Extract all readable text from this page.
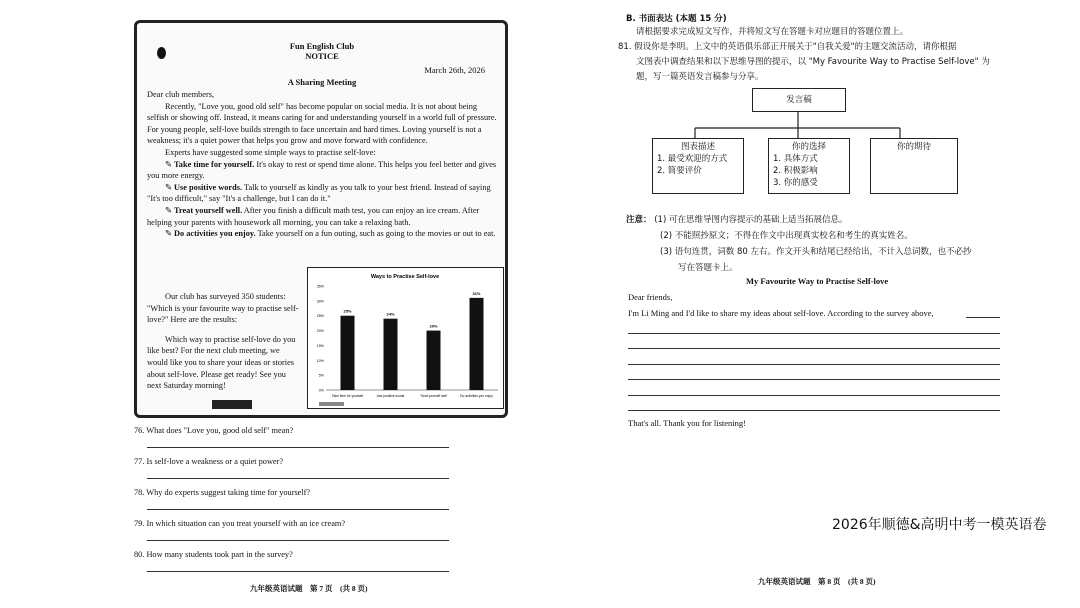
Fun English Club
NOTICE
March 26th, 2026
A Sharing Meeting

Dear club members,

Recently, "Love you, good old self" has become popular on social media. It is not about being selfish or showing off. Instead, it means caring for and understanding yourself in a world full of pressure. For young people, self-love builds strength to face uncertain and hard times. Loving yourself is not a weakness; it's a quiet power that helps you grow and move forward with confidence.

Experts have suggested some simple ways to practise self-love:

✎ Take time for yourself. It's okay to rest or spend time alone. This helps you feel better and gives you more energy.

✎ Use positive words. Talk to yourself as kindly as you talk to your best friend. Instead of saying "It's too difficult," say "It's a challenge, but I can do it."

✎ Treat yourself well. After you finish a difficult math test, you can enjoy an ice cream. After helping your parents with housework all morning, you can take a relaxing bath.

✎ Do activities you enjoy. Take yourself on a fun outing, such as going to the movies or out to eat.

Our club has surveyed 350 students: "Which is your favourite way to practise self-love?" Here are the results:

Which way to practise self-love do you like best? For the next club meeting, we would like you to share your ideas or stories about self-love. Please get ready! See you next Saturday morning!

Ways to Practise Self-love
35%
30%
25%
20%
15%
10%
5%
0%
25%
Take time for yourself
24%
Use positive words
20%
Treat yourself well
31%
Do activities you enjoy
76. What does "Love you, good old self" mean?
77. Is self-love a weakness or a quiet power?
78. Why do experts suggest taking time for yourself?
79. In which situation can you treat yourself with an ice cream?
80. How many students took part in the survey?
九年级英语试题　第 7 页　(共 8 页)
B. 书面表达 (本题 15 分)
请根据要求完成短文写作，并将短文写在答题卡对应题目的答题位置上。
81. 假设你是李明。上文中的英语俱乐部正开展关于"自我关爱"的主题交流活动，请你根据
文图表中调查结果和以下思维导图的提示，以 "My Favourite Way to Practise Self-love" 为
题，写一篇英语发言稿参与分享。
发言稿
图表描述
1. 最受欢迎的方式
2. 简要评价
你的选择
1. 具体方式
2. 积极影响
3. 你的感受
你的期待
注意： (1) 可在思维导图内容提示的基础上适当拓展信息。
(2) 不能照抄原文；不得在作文中出现真实校名和考生的真实姓名。
(3) 语句连贯，词数 80 左右。作文开头和结尾已经给出，不计入总词数，也不必抄
写在答题卡上。
My Favourite Way to Practise Self-love
Dear friends,
I'm Li Ming and I'd like to share my ideas about self-love. According to the survey above,
That's all. Thank you for listening!
九年级英语试题　第 8 页　(共 8 页)
2026年顺德&高明中考一模英语卷
